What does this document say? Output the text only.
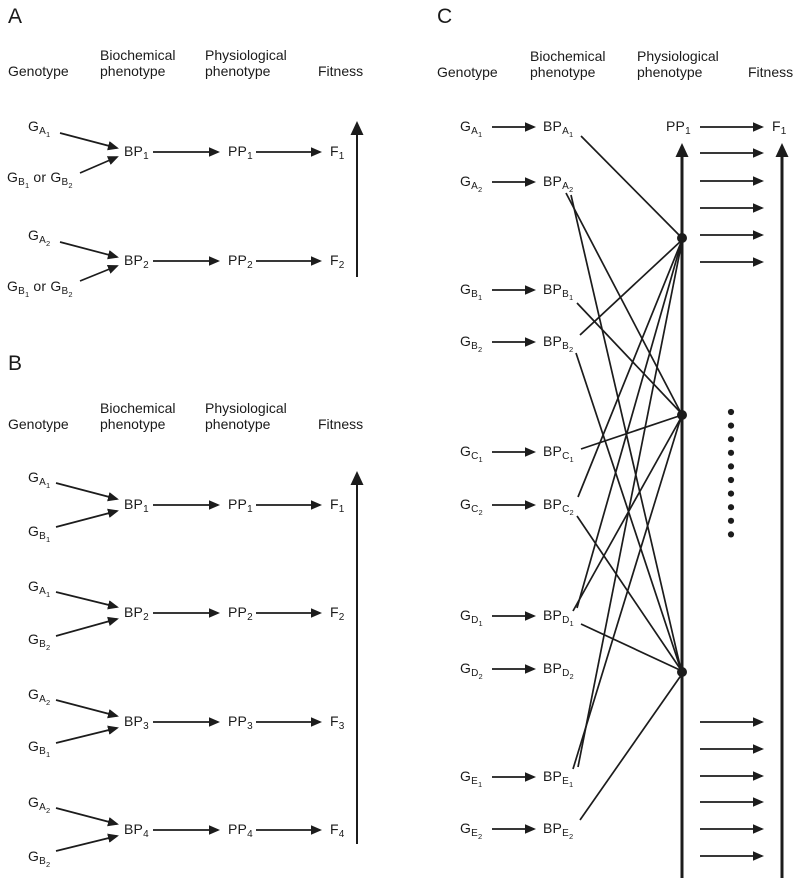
A
B
C
Genotype
Biochemical
phenotype
Physiological
phenotype	Fitness
Genotype
Biochemical
phenotype
Physiological
phenotype	Fitness
Genotype
Biochemical
phenotype
Physiological
phenotype	Fitness
$G_{A1}$
$G_{B1}$ or $G_{B2}$
$BP_1$	$PP_1$	$F_1$
$G_{A2}$
$G_{B1}$ or $G_{B2}$
$BP_2$	$PP_2$	$F_2$
$G_{A1}$
$G_{B1}$
$BP_1$	$PP_1$	$F_1$
$G_{A1}$
$G_{B2}$
$BP_2$	$PP_2$	$F_2$
$G_{A2}$
$G_{B1}$
$BP_3$	$PP_3$	$F_3$
$G_{A2}$
$G_{B2}$
$BP_4$	$PP_4$	$F_4$
$G_{A1}$
$BP_{A1}$
$G_{A2}$
$BP_{A2}$
$G_{B1}$
$BP_{B1}$
$G_{B2}$
$BP_{B2}$
$G_{C1}$
$BP_{C1}$
$G_{C2}$
$BP_{C2}$
$G_{D1}$
$BP_{D1}$
$G_{D2}$
$BP_{D2}$
$G_{E1}$
$BP_{E1}$
$G_{E2}$
$BP_{E2}$
$PP_1$	$F_1$
